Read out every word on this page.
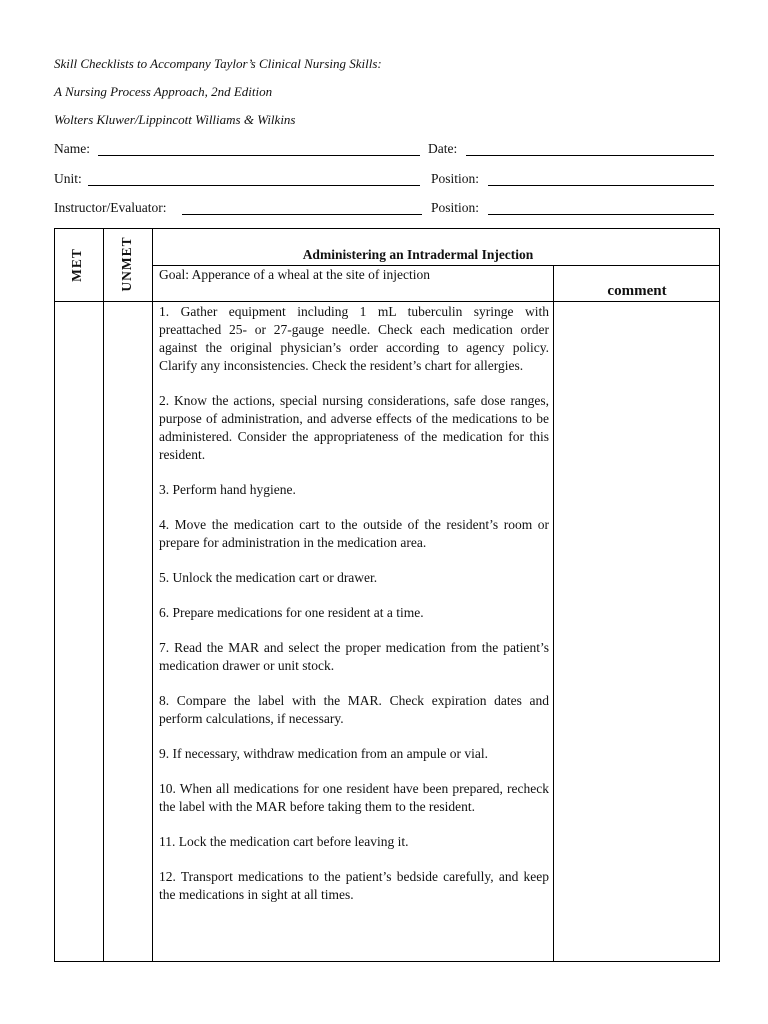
Skill Checklists to Accompany Taylor’s Clinical Nursing Skills:
A Nursing Process Approach, 2nd Edition
Wolters Kluwer/Lippincott Williams & Wilkins
Name:	Date:
Unit:	Position:
Instructor/Evaluator:	Position:
MET	UNMET	Administering an Intradermal Injection
Goal: Apperance of a wheal at the site of injection
comment

1. Gather equipment including 1 mL tuberculin syringe with preattached 25- or 27-gauge needle. Check each medication order against the original physician’s order according to agency policy. Clarify any inconsistencies. Check the resident’s chart for allergies.

2. Know the actions, special nursing considerations, safe dose ranges, purpose of administration, and adverse effects of the medications to be administered. Consider the appropriateness of the medication for this resident.

3. Perform hand hygiene.

4. Move the medication cart to the outside of the resident’s room or prepare for administration in the medication area.

5. Unlock the medication cart or drawer.

6. Prepare medications for one resident at a time.

7. Read the MAR and select the proper medication from the patient’s medication drawer or unit stock.

8. Compare the label with the MAR. Check expiration dates and perform calculations, if necessary.

9. If necessary, withdraw medication from an ampule or vial.

10. When all medications for one resident have been prepared, recheck the label with the MAR before taking them to the resident.

11. Lock the medication cart before leaving it.

12. Transport medications to the patient’s bedside carefully, and keep the medications in sight at all times.
